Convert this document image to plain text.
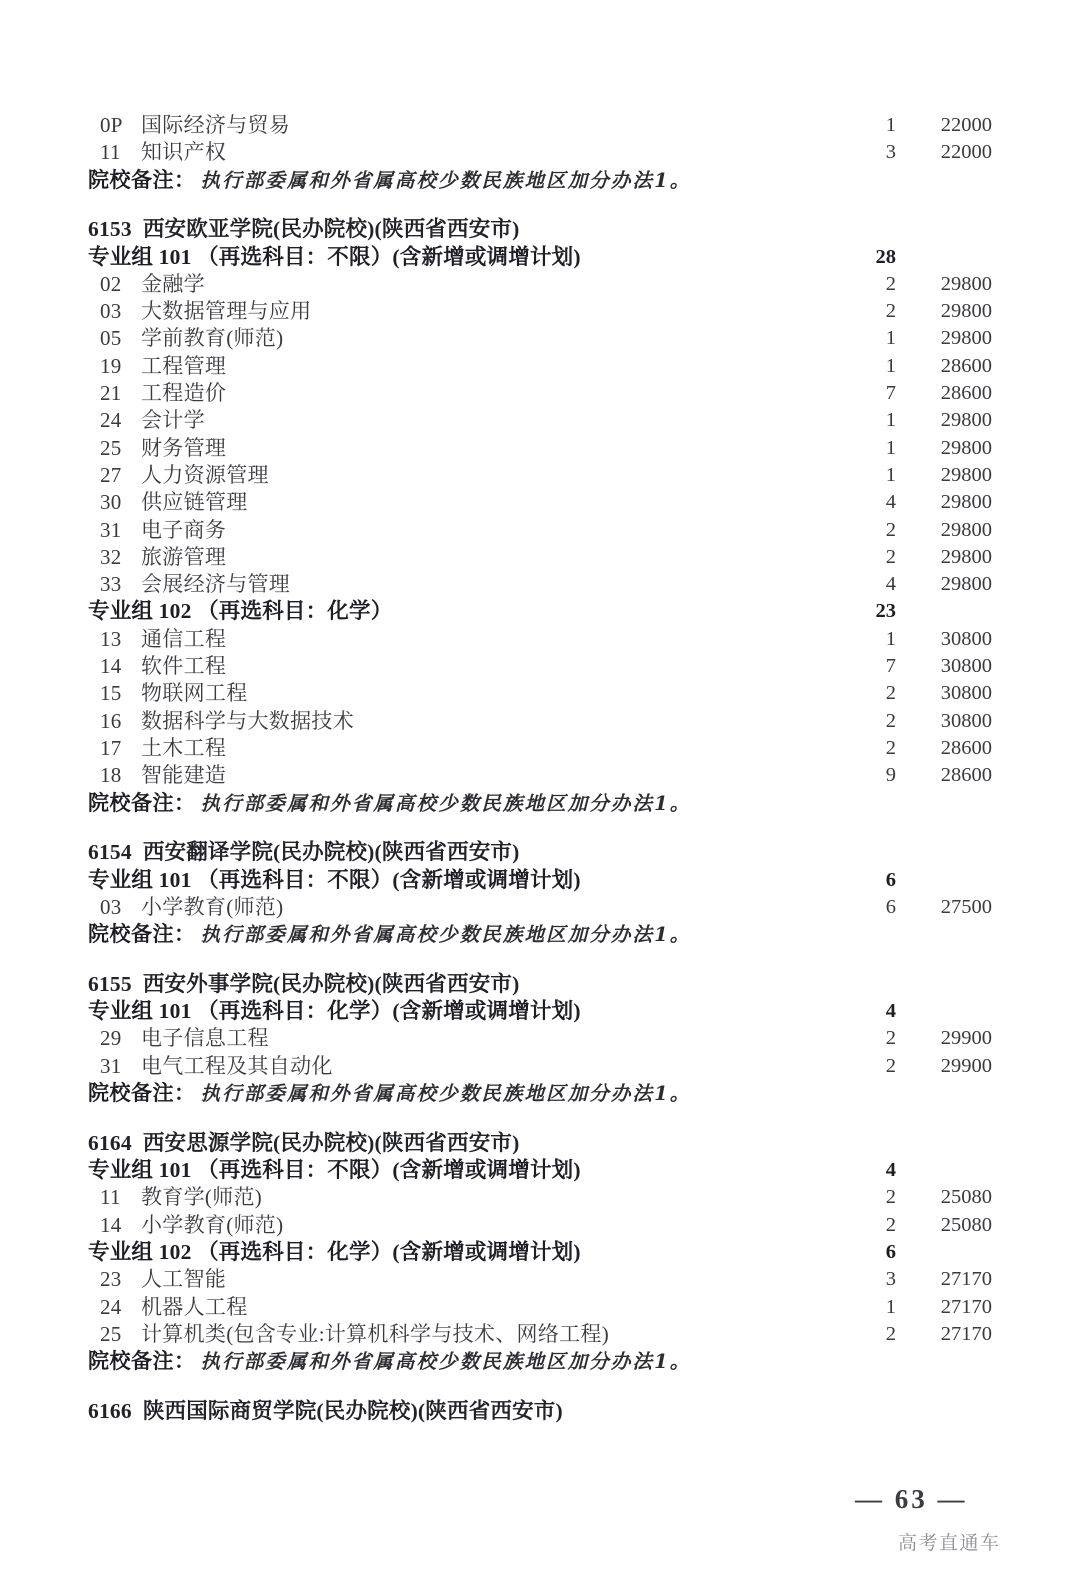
0P 国际经济与贸易	1	22000
11 知识产权	3	22000
院校备注： 执行部委属和外省属高校少数民族地区加分办法1。
6153 西安欧亚学院(民办院校)(陕西省西安市)
专业组 101 （再选科目：不限）(含新增或调增计划)	28
02 金融学	2	29800
03 大数据管理与应用	2	29800
05 学前教育(师范)	1	29800
19 工程管理	1	28600
21 工程造价	7	28600
24 会计学	1	29800
25 财务管理	1	29800
27 人力资源管理	1	29800
30 供应链管理	4	29800
31 电子商务	2	29800
32 旅游管理	2	29800
33 会展经济与管理	4	29800
专业组 102 （再选科目：化学）	23
13 通信工程	1	30800
14 软件工程	7	30800
15 物联网工程	2	30800
16 数据科学与大数据技术	2	30800
17 土木工程	2	28600
18 智能建造	9	28600
院校备注： 执行部委属和外省属高校少数民族地区加分办法1。
6154 西安翻译学院(民办院校)(陕西省西安市)
专业组 101 （再选科目：不限）(含新增或调增计划)	6
03 小学教育(师范)	6	27500
院校备注： 执行部委属和外省属高校少数民族地区加分办法1。
6155 西安外事学院(民办院校)(陕西省西安市)
专业组 101 （再选科目：化学）(含新增或调增计划)	4
29 电子信息工程	2	29900
31 电气工程及其自动化	2	29900
院校备注： 执行部委属和外省属高校少数民族地区加分办法1。
6164 西安思源学院(民办院校)(陕西省西安市)
专业组 101 （再选科目：不限）(含新增或调增计划)	4
11 教育学(师范)	2	25080
14 小学教育(师范)	2	25080
专业组 102 （再选科目：化学）(含新增或调增计划)	6
23 人工智能	3	27170
24 机器人工程	1	27170
25 计算机类(包含专业:计算机科学与技术、网络工程)	2	27170
院校备注： 执行部委属和外省属高校少数民族地区加分办法1。
6166 陕西国际商贸学院(民办院校)(陕西省西安市)
— 63 —
高考直通车
